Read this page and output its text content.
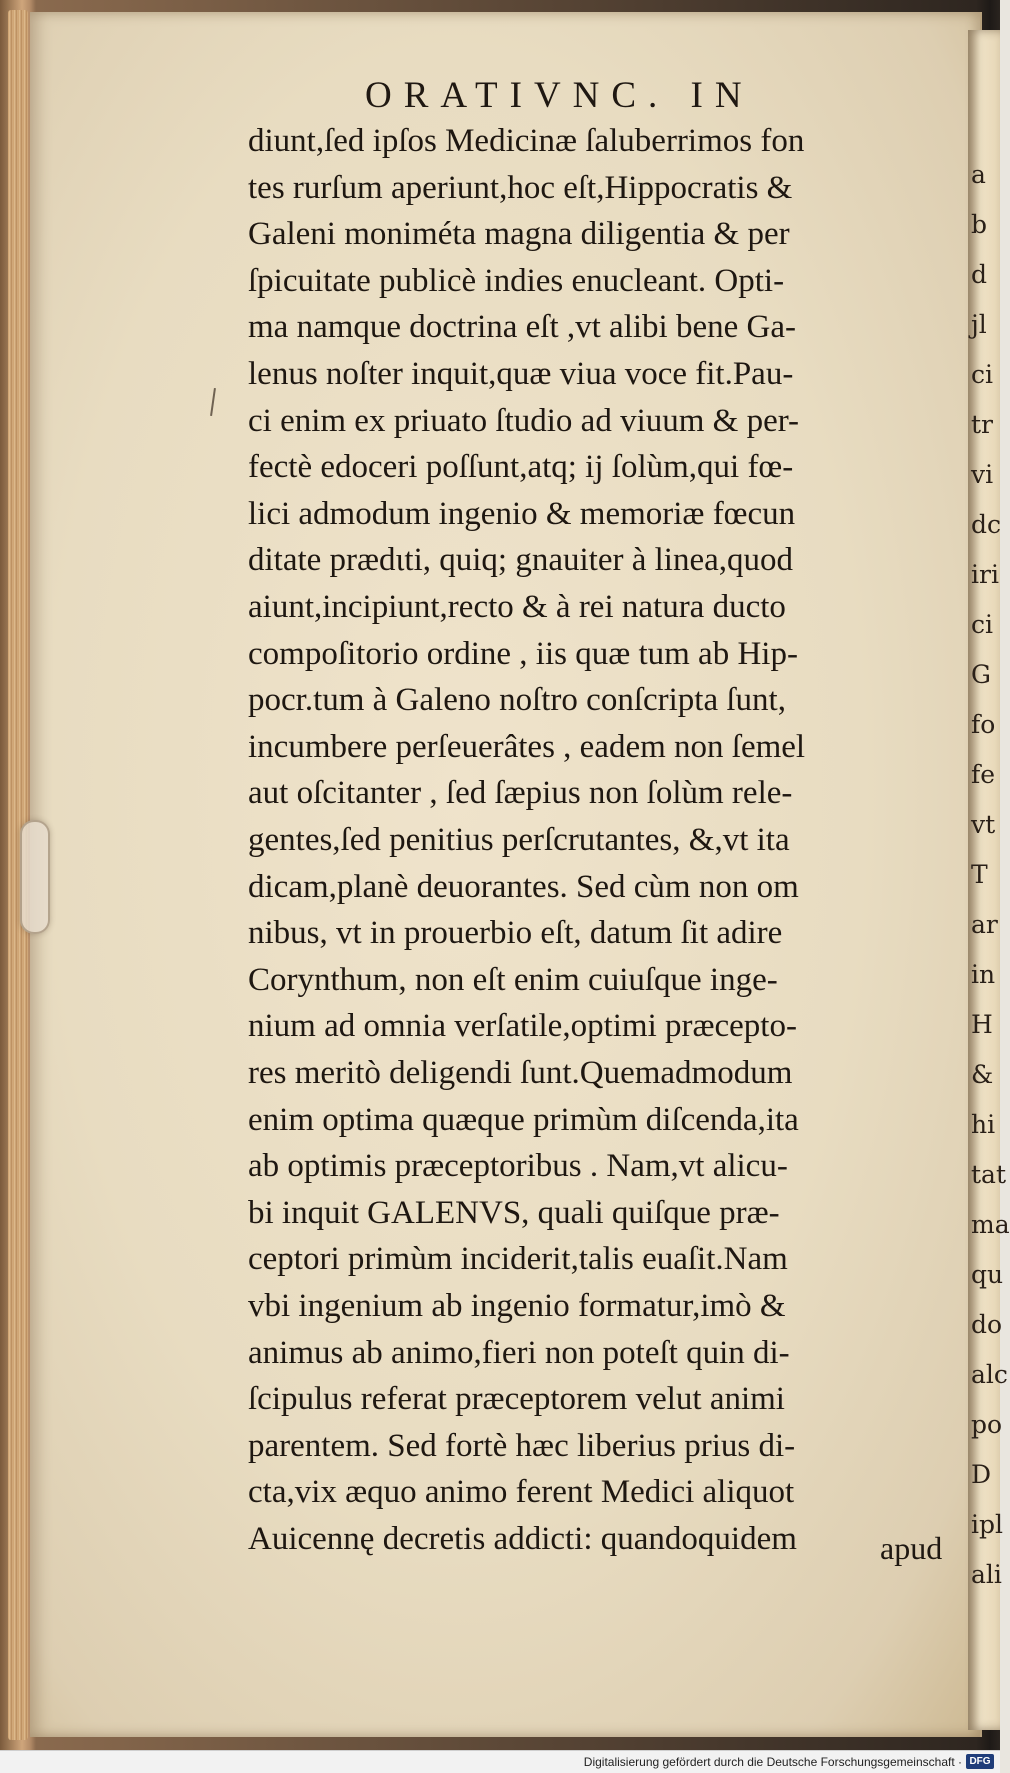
ORATIVNC. IN
diunt,ſed ipſos Medicinæ ſaluberrimos fon
tes rurſum aperiunt,hoc eſt,Hippocratis &
Galeni moniméta magna diligentia & per
ſpicuitate publicè indies enucleant. Opti-
ma namque doctrina eſt ,vt alibi bene Ga-
lenus noſter inquit,quæ viua voce fit.Pau-
ci enim ex priuato ſtudio ad viuum & per-
fectè edoceri poſſunt,atq; ij ſolùm,qui fœ-
lici admodum ingenio & memoriæ fœcun
ditate prædιti, quiq; gnauiter à linea,quod
aiunt,incipiunt,recto & à rei natura ducto
compoſitorio ordine , iis quæ tum ab Hip-
pocr.tum à Galeno noſtro conſcripta ſunt,
incumbere perſeuerâtes , eadem non ſemel
aut oſcitanter , ſed ſæpius non ſolùm rele-
gentes,ſed penitius perſcrutantes, &,vt ita
dicam,planè deuorantes. Sed cùm non om
nibus, vt in prouerbio eſt, datum ſit adire
Corynthum, non eſt enim cuiuſque inge-
nium ad omnia verſatile,optimi præcepto-
res meritò deligendi ſunt.Quemadmodum
enim optima quæque primùm diſcenda,ita
ab optimis præceptoribus . Nam,vt alicu-
bi inquit GALENVS, quali quiſque præ-
ceptori primùm inciderit,talis euaſit.Nam
vbi ingenium ab ingenio formatur,imò &
animus ab animo,fieri non poteſt quin di-
ſcipulus referat præceptorem velut animi
parentem. Sed fortè hæc liberius prius di-
cta,vix æquo animo ferent Medici aliquot
Auicennę decretis addicti: quandoquidem	apud
a
b
d
jl
ci
tr
vi
dc
iri
ci
G
fo
fe
vt
T
ar
in
H
&
hi
tat
ma
qu
do
alc
po
D
ipl
ali
Digitalisierung gefördert durch die Deutsche Forschungsgemeinschaft · DFG
